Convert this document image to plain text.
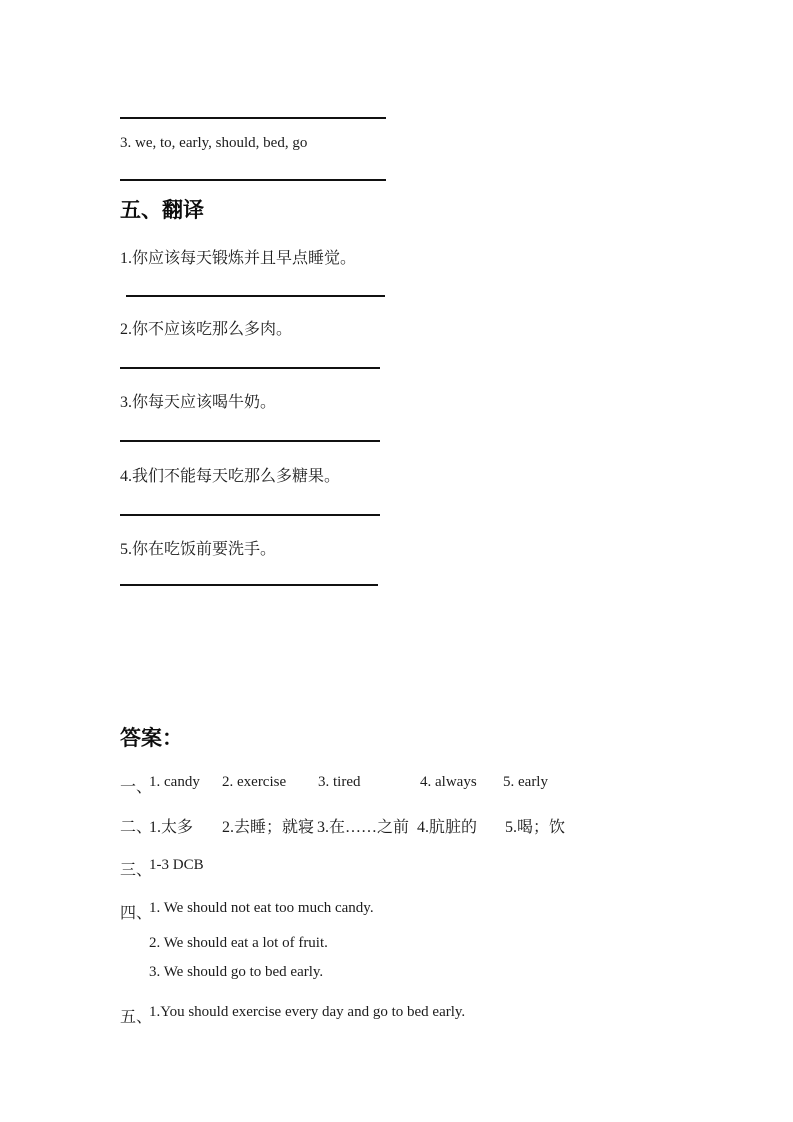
3. we, to, early, should, bed, go
五、翻译
1.你应该每天锻炼并且早点睡觉。
2.你不应该吃那么多肉。
3.你每天应该喝牛奶。
4.我们不能每天吃那么多糖果。
5.你在吃饭前要洗手。
答案：
一、
1. candy 2. exercise 3. tired	4. always 5. early
二、
1.太多 2.去睡；就寝 3.在……之前 4.肮脏的 5.喝；饮
三、
1-3 DCB
四、
1. We should not eat too much candy.
2. We should eat a lot of fruit.
3. We should go to bed early.
五、
1.You should exercise every day and go to bed early.
